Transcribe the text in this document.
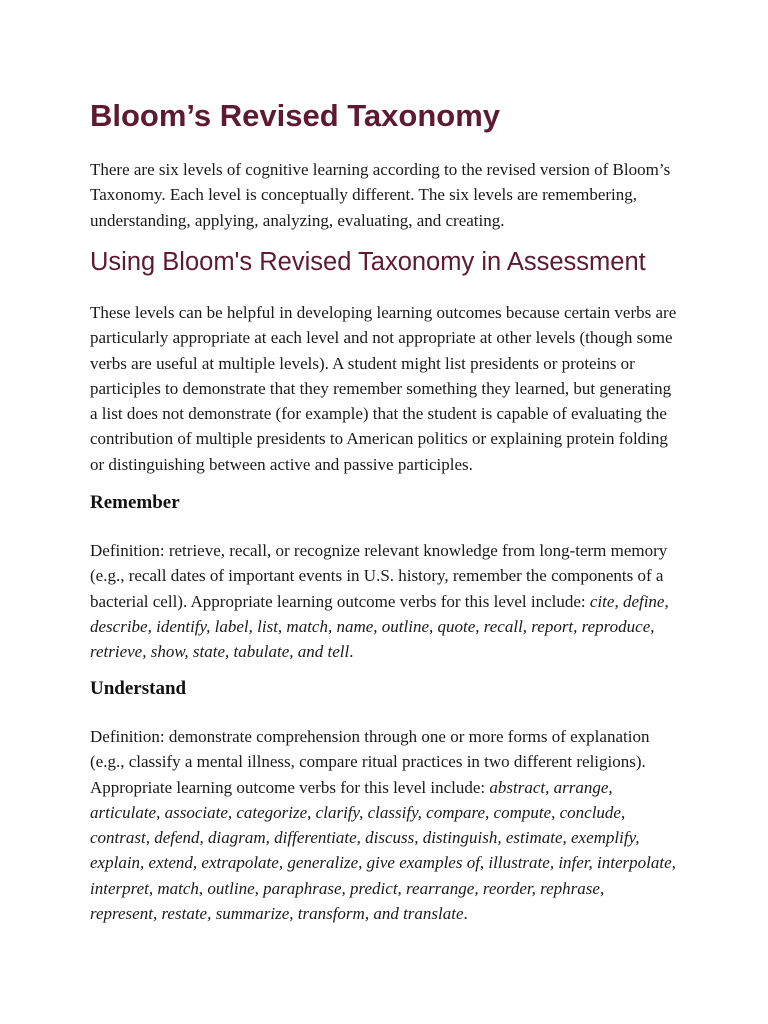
Bloom’s Revised Taxonomy

There are six levels of cognitive learning according to the revised version of Bloom’s
Taxonomy. Each level is conceptually different. The six levels are remembering,
understanding, applying, analyzing, evaluating, and creating.

Using Bloom's Revised Taxonomy in Assessment

These levels can be helpful in developing learning outcomes because certain verbs are
particularly appropriate at each level and not appropriate at other levels (though some
verbs are useful at multiple levels). A student might list presidents or proteins or
participles to demonstrate that they remember something they learned, but generating
a list does not demonstrate (for example) that the student is capable of evaluating the
contribution of multiple presidents to American politics or explaining protein folding
or distinguishing between active and passive participles.

Remember

Definition: retrieve, recall, or recognize relevant knowledge from long-term memory
(e.g., recall dates of important events in U.S. history, remember the components of a
bacterial cell). Appropriate learning outcome verbs for this level include: cite, define,
describe, identify, label, list, match, name, outline, quote, recall, report, reproduce,
retrieve, show, state, tabulate, and tell.

Understand

Definition: demonstrate comprehension through one or more forms of explanation
(e.g., classify a mental illness, compare ritual practices in two different religions).
Appropriate learning outcome verbs for this level include: abstract, arrange,
articulate, associate, categorize, clarify, classify, compare, compute, conclude,
contrast, defend, diagram, differentiate, discuss, distinguish, estimate, exemplify,
explain, extend, extrapolate, generalize, give examples of, illustrate, infer, interpolate,
interpret, match, outline, paraphrase, predict, rearrange, reorder, rephrase,
represent, restate, summarize, transform, and translate.
